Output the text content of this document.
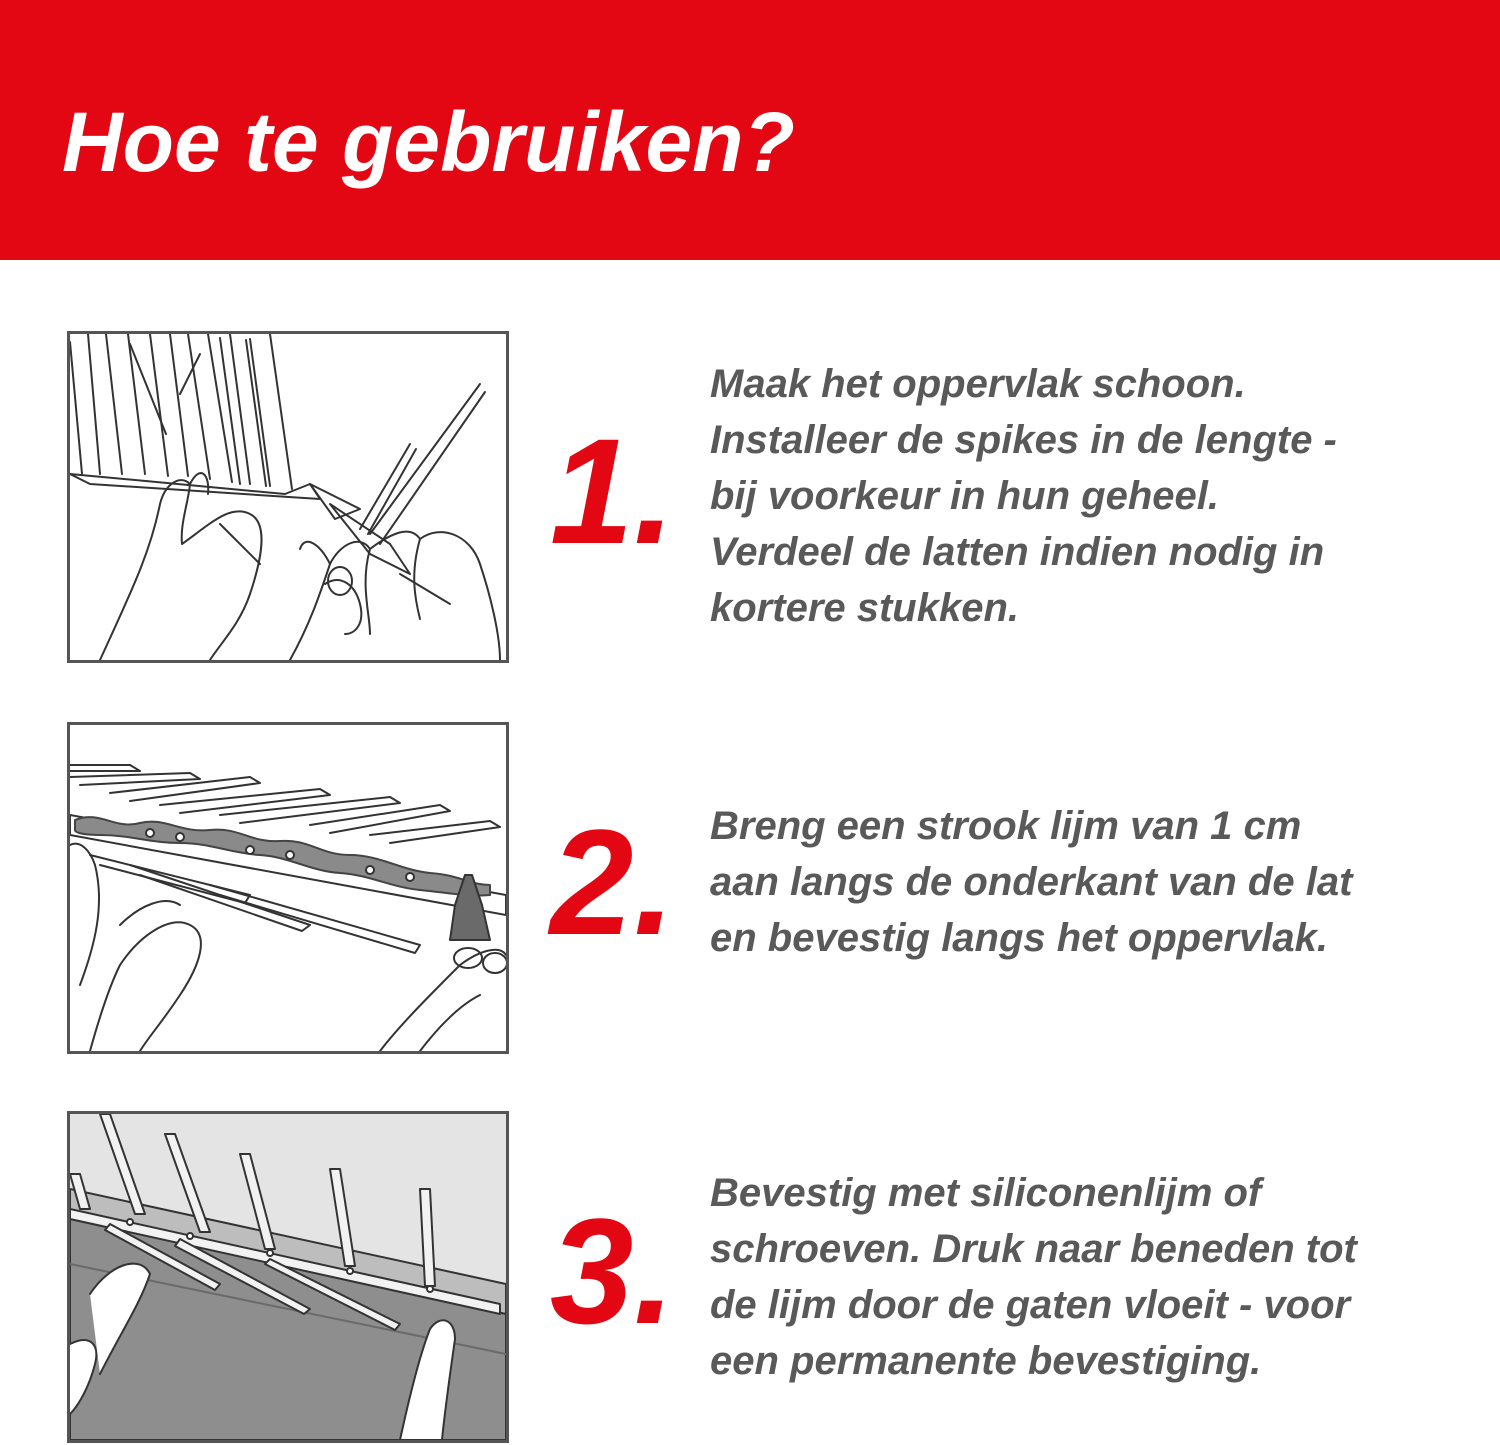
Hoe te gebruiken?
1.

Maak het oppervlak schoon.
Installeer de spikes in de lengte -
bij voorkeur in hun geheel.
Verdeel de latten indien nodig in
kortere stukken.

2. Breng een strook lijm van 1 cm
aan langs de onderkant van de lat
en bevestig langs het oppervlak.

3. Bevestig met siliconenlijm of
schroeven. Druk naar beneden tot
de lijm door de gaten vloeit - voor
een permanente bevestiging.
